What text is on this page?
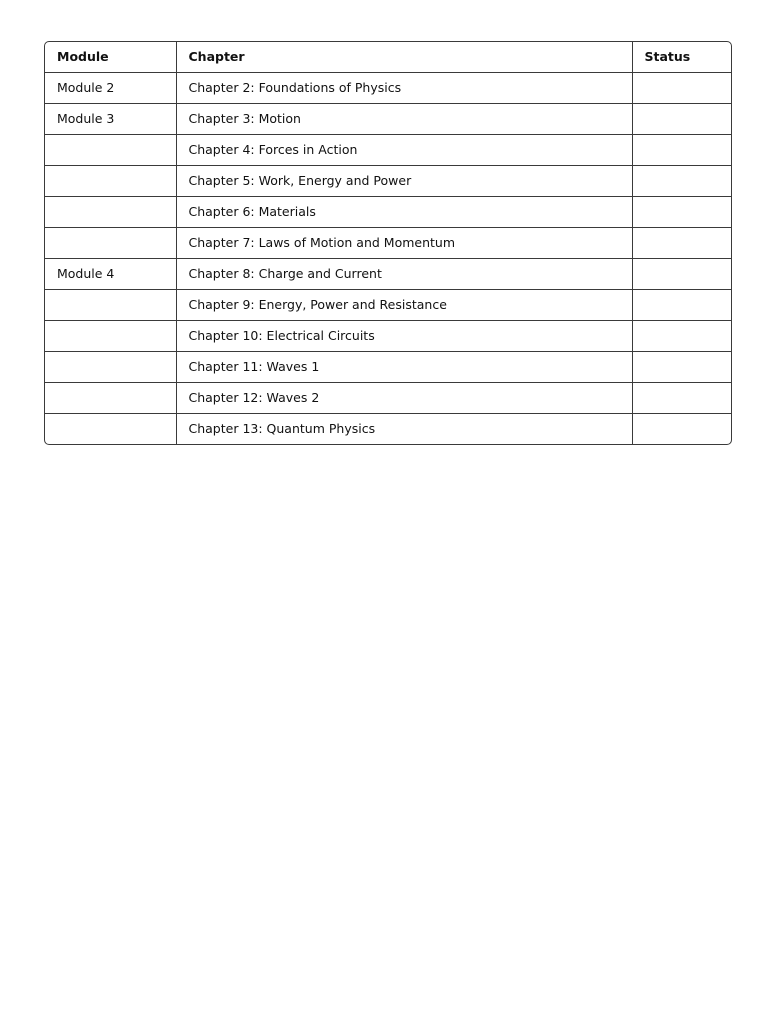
Module	Chapter	Status
Module 2	Chapter 2: Foundations of Physics	
Module 3	Chapter 3: Motion	
	Chapter 4: Forces in Action	
	Chapter 5: Work, Energy and Power	
	Chapter 6: Materials	
	Chapter 7: Laws of Motion and Momentum	
Module 4	Chapter 8: Charge and Current	
	Chapter 9: Energy, Power and Resistance	
	Chapter 10: Electrical Circuits	
	Chapter 11: Waves 1	
	Chapter 12: Waves 2	
	Chapter 13: Quantum Physics	
